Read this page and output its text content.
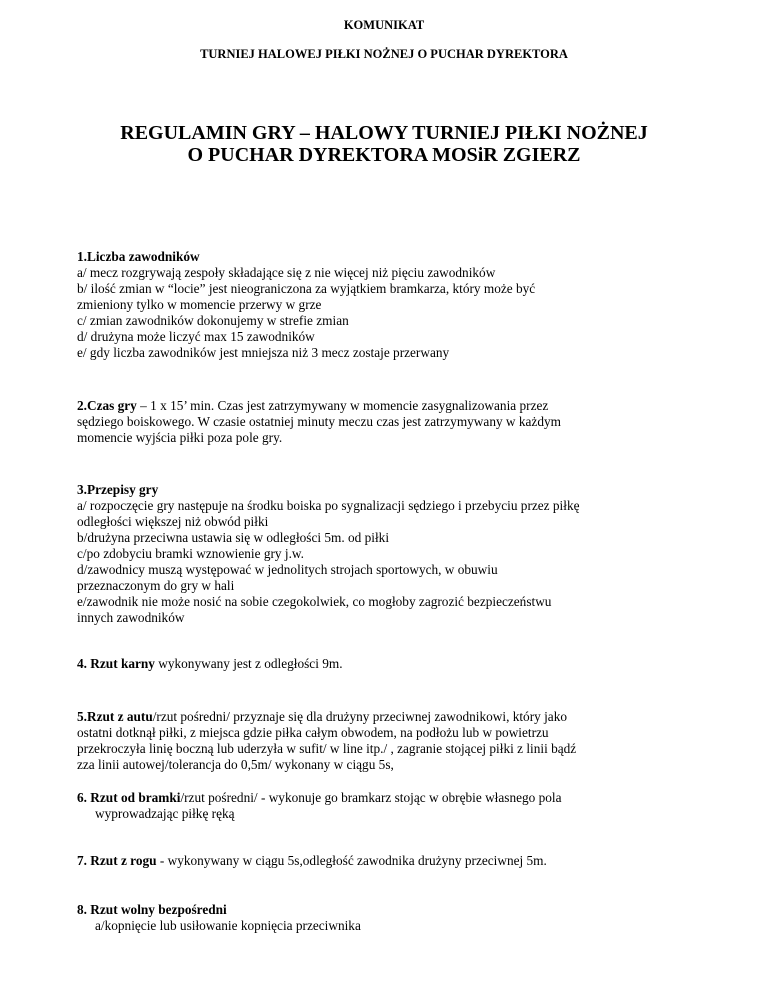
KOMUNIKAT
TURNIEJ HALOWEJ PIŁKI NOŻNEJ O PUCHAR DYREKTORA
REGULAMIN GRY – HALOWY TURNIEJ PIŁKI NOŻNEJ
O PUCHAR DYREKTORA MOSiR ZGIERZ
1.Liczba zawodników
a/ mecz rozgrywają zespoły składające się z nie więcej niż pięciu zawodników
b/ ilość zmian w “locie” jest nieograniczona za wyjątkiem bramkarza, który może być
zmieniony tylko w momencie przerwy w grze
c/ zmian zawodników dokonujemy w strefie zmian
d/ drużyna może liczyć max 15 zawodników
e/ gdy liczba zawodników jest mniejsza niż 3 mecz zostaje przerwany
2.Czas gry – 1 x 15’ min. Czas jest zatrzymywany w momencie zasygnalizowania przez
sędziego boiskowego. W czasie ostatniej minuty meczu czas jest zatrzymywany w każdym
momencie wyjścia piłki poza pole gry.
3.Przepisy gry
a/ rozpoczęcie gry następuje na środku boiska po sygnalizacji sędziego i przebyciu przez piłkę
odległości większej niż obwód piłki
b/drużyna przeciwna ustawia się w odległości 5m. od piłki
c/po zdobyciu bramki wznowienie gry j.w.
d/zawodnicy muszą występować w jednolitych strojach sportowych, w obuwiu
przeznaczonym do gry w hali
e/zawodnik nie może nosić na sobie czegokolwiek, co mogłoby zagrozić bezpieczeństwu
innych zawodników
4. Rzut karny wykonywany jest z odległości 9m.
5.Rzut z autu/rzut pośredni/ przyznaje się dla drużyny przeciwnej zawodnikowi, który jako
ostatni dotknął piłki, z miejsca gdzie piłka całym obwodem, na podłożu lub w powietrzu
przekroczyła linię boczną lub uderzyła w sufit/ w line itp./ , zagranie stojącej piłki z linii bądź
zza linii autowej/tolerancja do 0,5m/ wykonany w ciągu 5s,
6. Rzut od bramki/rzut pośredni/ - wykonuje go bramkarz stojąc w obrębie własnego pola
wyprowadzając piłkę ręką
7. Rzut z rogu - wykonywany w ciągu 5s,odległość zawodnika drużyny przeciwnej 5m.
8. Rzut wolny bezpośredni
a/kopnięcie lub usiłowanie kopnięcia przeciwnika
